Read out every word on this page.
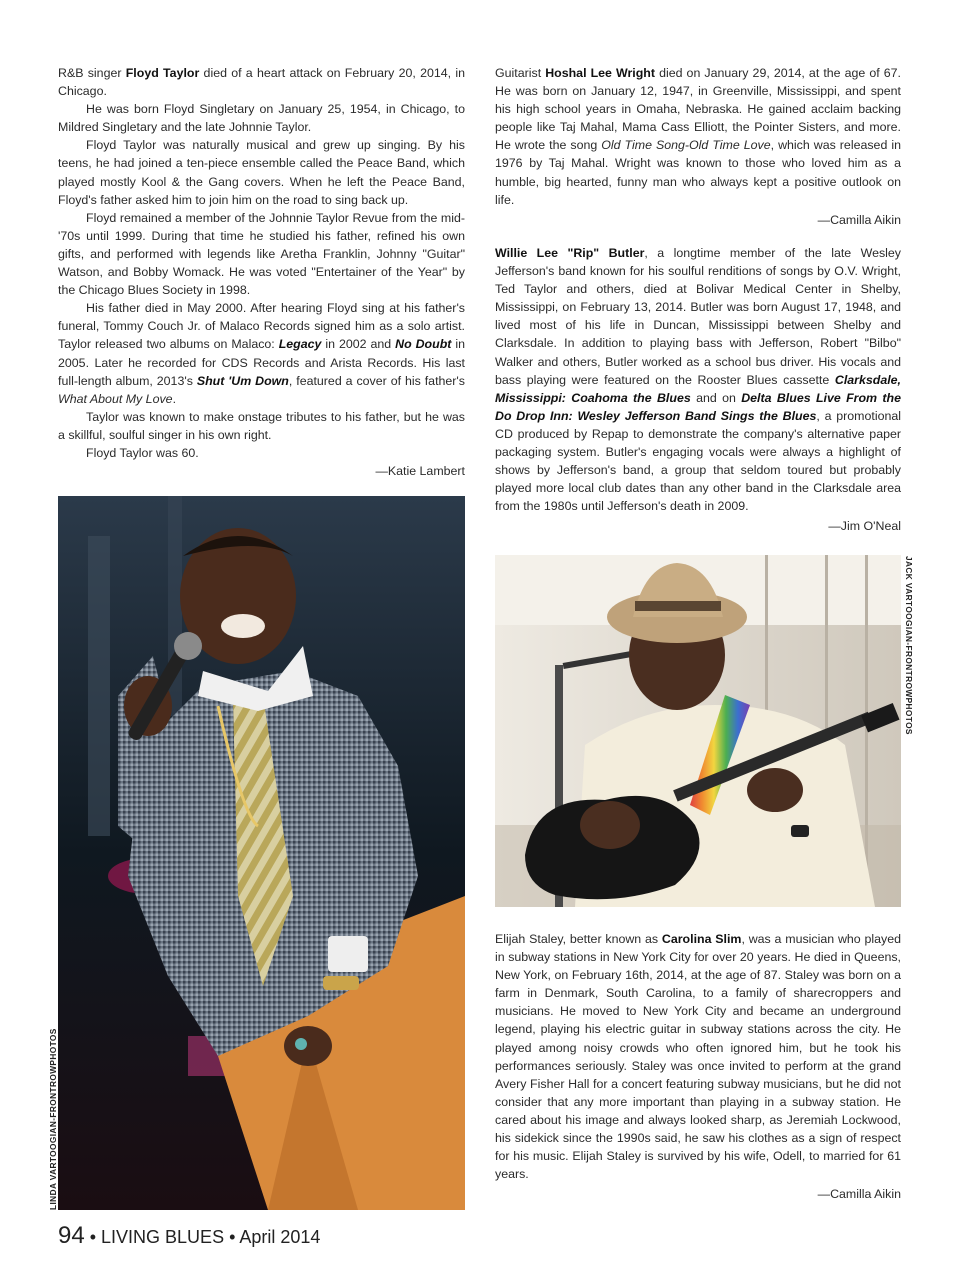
R&B singer Floyd Taylor died of a heart attack on February 20, 2014, in Chicago.

He was born Floyd Singletary on January 25, 1954, in Chicago, to Mildred Singletary and the late Johnnie Taylor.

Floyd Taylor was naturally musical and grew up singing. By his teens, he had joined a ten-piece ensemble called the Peace Band, which played mostly Kool & the Gang covers. When he left the Peace Band, Floyd's father asked him to join him on the road to sing back up.

Floyd remained a member of the Johnnie Taylor Revue from the mid-'70s until 1999. During that time he studied his father, refined his own gifts, and performed with legends like Aretha Franklin, Johnny "Guitar" Watson, and Bobby Womack. He was voted "Entertainer of the Year" by the Chicago Blues Society in 1998.

His father died in May 2000. After hearing Floyd sing at his father's funeral, Tommy Couch Jr. of Malaco Records signed him as a solo artist. Taylor released two albums on Malaco: Legacy in 2002 and No Doubt in 2005. Later he recorded for CDS Records and Arista Records. His last full-length album, 2013's Shut 'Um Down, featured a cover of his father's What About My Love.

Taylor was known to make onstage tributes to his father, but he was a skillful, soulful singer in his own right.

Floyd Taylor was 60.

—Katie Lambert

Guitarist Hoshal Lee Wright died on January 29, 2014, at the age of 67. He was born on January 12, 1947, in Greenville, Mississippi, and spent his high school years in Omaha, Nebraska. He gained acclaim backing people like Taj Mahal, Mama Cass Elliott, the Pointer Sisters, and more. He wrote the song Old Time Song-Old Time Love, which was released in 1976 by Taj Mahal. Wright was known to those who loved him as a humble, big hearted, funny man who always kept a positive outlook on life.

—Camilla Aikin

Willie Lee "Rip" Butler, a longtime member of the late Wesley Jefferson's band known for his soulful renditions of songs by O.V. Wright, Ted Taylor and others, died at Bolivar Medical Center in Shelby, Mississippi, on February 13, 2014. Butler was born August 17, 1948, and lived most of his life in Duncan, Mississippi between Shelby and Clarksdale. In addition to playing bass with Jefferson, Robert "Bilbo" Walker and others, Butler worked as a school bus driver. His vocals and bass playing were featured on the Rooster Blues cassette Clarksdale, Mississippi: Coahoma the Blues and on Delta Blues Live From the Do Drop Inn: Wesley Jefferson Band Sings the Blues, a promotional CD produced by Repap to demonstrate the company's alternative paper packaging system. Butler's engaging vocals were always a highlight of shows by Jefferson's band, a group that seldom toured but probably played more local club dates than any other band in the Clarksdale area from the 1980s until Jefferson's death in 2009.

—Jim O'Neal

LINDA VARTOOGIAN-FRONTROWPHOTOS
JACK VARTOOGIAN-FRONTROWPHOTOS

Elijah Staley, better known as Carolina Slim, was a musician who played in subway stations in New York City for over 20 years. He died in Queens, New York, on February 16th, 2014, at the age of 87. Staley was born on a farm in Denmark, South Carolina, to a family of sharecroppers and musicians. He moved to New York City and became an underground legend, playing his electric guitar in subway stations across the city. He played among noisy crowds who often ignored him, but he took his performances seriously. Staley was once invited to perform at the grand Avery Fisher Hall for a concert featuring subway musicians, but he did not consider that any more important than playing in a subway station. He cared about his image and always looked sharp, as Jeremiah Lockwood, his sidekick since the 1990s said, he saw his clothes as a sign of respect for his music. Elijah Staley is survived by his wife, Odell, to married for 61 years.

—Camilla Aikin

94 • LIVING BLUES • April 2014
